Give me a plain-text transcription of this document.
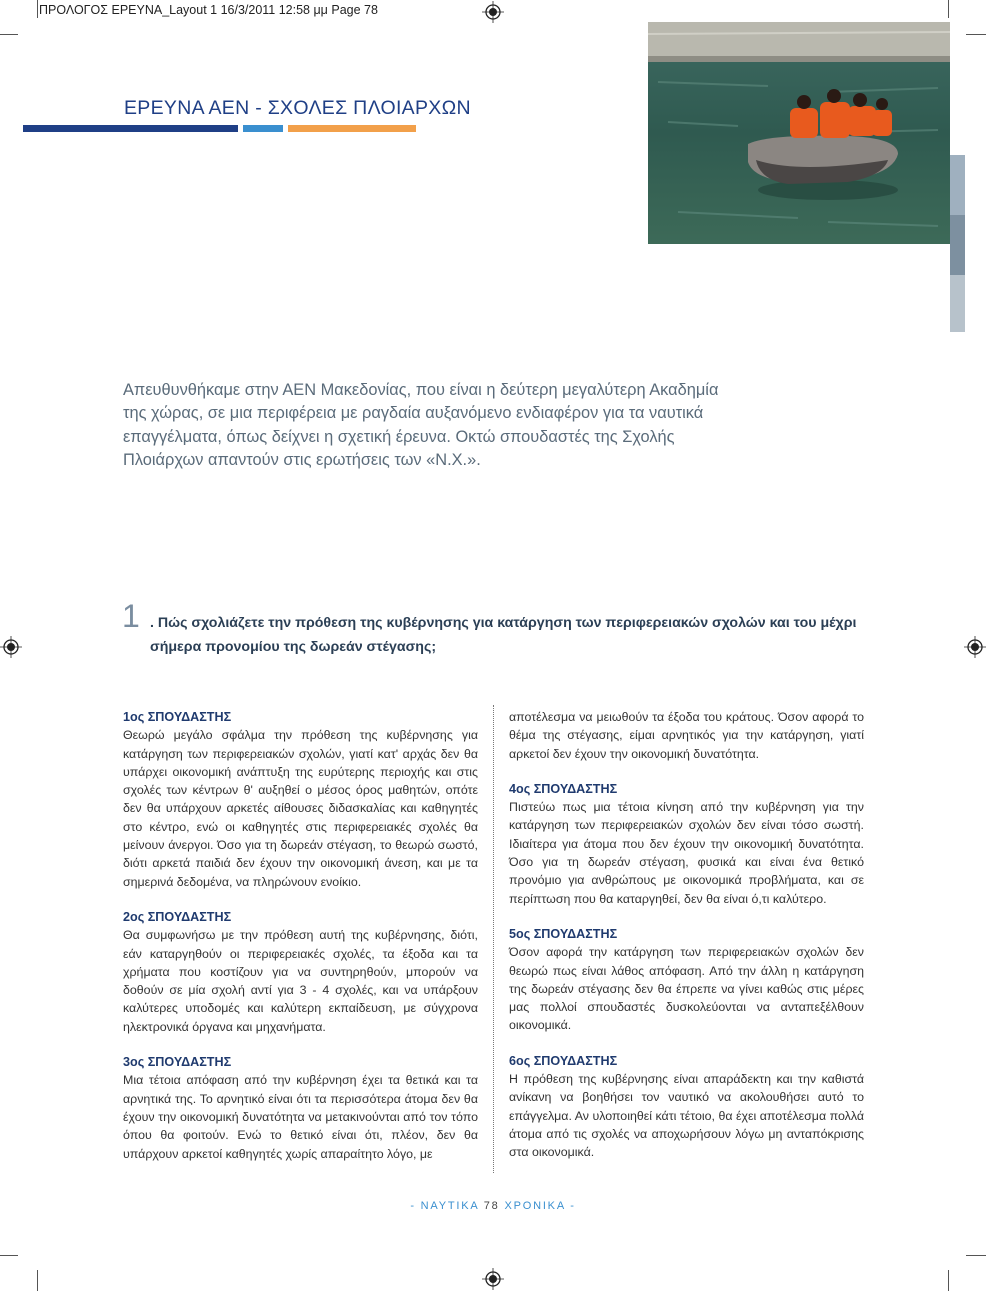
ΠΡΟΛΟΓΟΣ ΕΡΕΥΝΑ_Layout 1 16/3/2011 12:58 μμ Page 78
ΕΡΕΥΝΑ ΑΕΝ - ΣΧΟΛΕΣ ΠΛΟΙΑΡΧΩΝ
Απευθυνθήκαμε στην ΑΕΝ Μακεδονίας, που είναι η δεύτερη μεγαλύτερη Ακαδημία της χώρας, σε μια περιφέρεια με ραγδαία αυξανόμενο ενδιαφέρον για τα ναυτικά επαγγέλματα, όπως δείχνει η σχετική έρευνα. Οκτώ σπουδαστές της Σχολής Πλοιάρχων απαντούν στις ερωτήσεις των «Ν.Χ.».
1 . Πώς σχολιάζετε την πρόθεση της κυβέρνησης για κατάργηση των περιφερειακών σχολών και του μέχρι σήμερα προνομίου της δωρεάν στέγασης;

1ος ΣΠΟΥΔΑΣΤΗΣ

Θεωρώ μεγάλο σφάλμα την πρόθεση της κυβέρνησης για κατάργηση των περιφερειακών σχολών, γιατί κατ' αρχάς δεν θα υπάρχει οικονομική ανάπτυξη της ευρύτερης περιοχής και στις σχολές των κέντρων θ' αυξηθεί ο μέσος όρος μαθητών, οπότε δεν θα υπάρχουν αρκετές αίθουσες διδασκαλίας και καθηγητές στο κέντρο, ενώ οι καθηγητές στις περιφερειακές σχολές θα μείνουν άνεργοι. Όσο για τη δωρεάν στέγαση, το θεωρώ σωστό, διότι αρκετά παιδιά δεν έχουν την οικονομική άνεση, και με τα σημερινά δεδομένα, να πληρώνουν ενοίκιο.

2ος ΣΠΟΥΔΑΣΤΗΣ

Θα συμφωνήσω με την πρόθεση αυτή της κυβέρνησης, διότι, εάν καταργηθούν οι περιφερειακές σχολές, τα έξοδα και τα χρήματα που κοστίζουν για να συντηρηθούν, μπορούν να δοθούν σε μία σχολή αντί για 3 - 4 σχολές, και να υπάρξουν καλύτερες υποδομές και καλύτερη εκπαίδευση, με σύγχρονα ηλεκτρονικά όργανα και μηχανήματα.

3ος ΣΠΟΥΔΑΣΤΗΣ

Μια τέτοια απόφαση από την κυβέρνηση έχει τα θετικά και τα αρνητικά της. Το αρνητικό είναι ότι τα περισσότερα άτομα δεν θα έχουν την οικονομική δυνατότητα να μετακινούνται από τον τόπο όπου θα φοιτούν. Ενώ το θετικό είναι ότι, πλέον, δεν θα υπάρχουν αρκετοί καθηγητές χωρίς απαραίτητο λόγο, με

αποτέλεσμα να μειωθούν τα έξοδα του κράτους. Όσον αφορά το θέμα της στέγασης, είμαι αρνητικός για την κατάργηση, γιατί αρκετοί δεν έχουν την οικονομική δυνατότητα.

4ος ΣΠΟΥΔΑΣΤΗΣ

Πιστεύω πως μια τέτοια κίνηση από την κυβέρνηση για την κατάργηση των περιφερειακών σχολών δεν είναι τόσο σωστή. Ιδιαίτερα για άτομα που δεν έχουν την οικονομική δυνατότητα. Όσο για τη δωρεάν στέγαση, φυσικά και είναι ένα θετικό προνόμιο για ανθρώπους με οικονομικά προβλήματα, και σε περίπτωση που θα καταργηθεί, δεν θα είναι ό,τι καλύτερο.

5ος ΣΠΟΥΔΑΣΤΗΣ

Όσον αφορά την κατάργηση των περιφερειακών σχολών δεν θεωρώ πως είναι λάθος απόφαση. Από την άλλη η κατάργηση της δωρεάν στέγασης δεν θα έπρεπε να γίνει καθώς στις μέρες μας πολλοί σπουδαστές δυσκολεύονται να ανταπεξέλθουν οικονομικά.

6ος ΣΠΟΥΔΑΣΤΗΣ

Η πρόθεση της κυβέρνησης είναι απαράδεκτη και την καθιστά ανίκανη να βοηθήσει τον ναυτικό να ακολουθήσει αυτό το επάγγελμα. Αν υλοποιηθεί κάτι τέτοιο, θα έχει αποτέλεσμα πολλά άτομα από τις σχολές να αποχωρήσουν λόγω μη ανταπόκρισης στα οικονομικά.

- ΝΑΥΤΙΚΑ 78 ΧΡΟΝΙΚΑ -
